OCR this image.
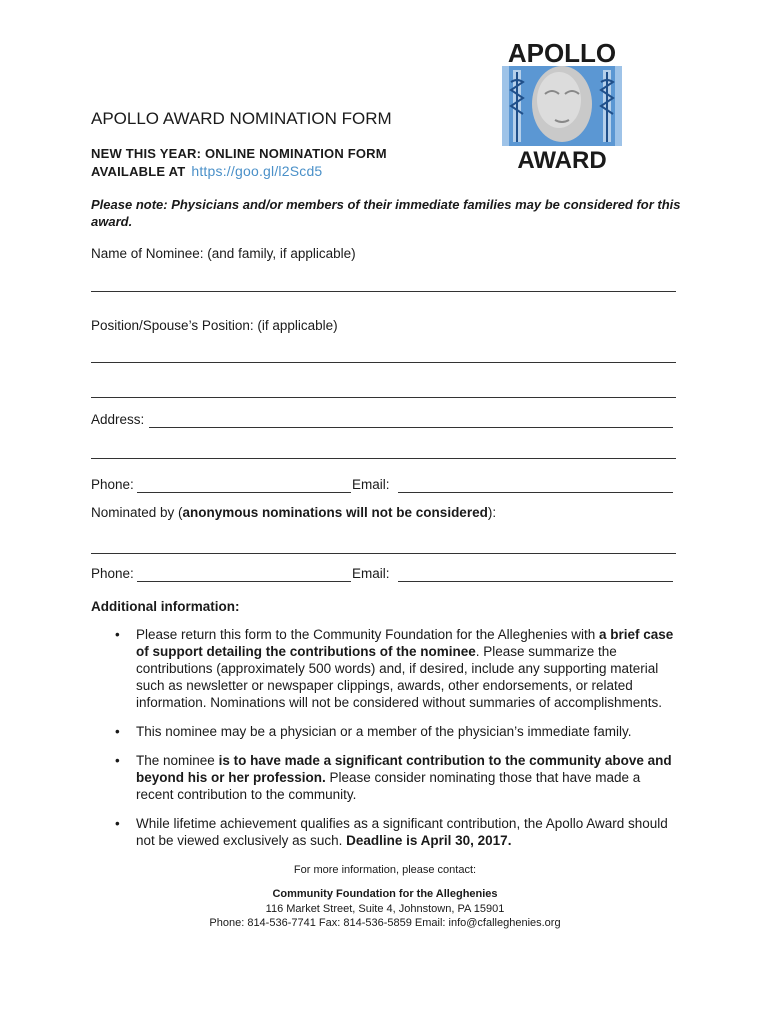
APOLLO
AWARD
APOLLO AWARD NOMINATION FORM
NEW THIS YEAR: ONLINE NOMINATION FORM
AVAILABLE AT https://goo.gl/l2Scd5
Please note: Physicians and/or members of their immediate families may be considered for this award.
Name of Nominee: (and family, if applicable)
Position/Spouse’s Position: (if applicable)
Address:
Phone:	Email:
Nominated by (anonymous nominations will not be considered):
Phone:	Email:
Additional information:
• Please return this form to the Community Foundation for the Alleghenies with a brief case of support detailing the contributions of the nominee. Please summarize the contributions (approximately 500 words) and, if desired, include any supporting material such as newsletter or newspaper clippings, awards, other endorsements, or related information. Nominations will not be considered without summaries of accomplishments.
• This nominee may be a physician or a member of the physician’s immediate family.
• The nominee is to have made a significant contribution to the community above and beyond his or her profession. Please consider nominating those that have made a recent contribution to the community.
• While lifetime achievement qualifies as a significant contribution, the Apollo Award should not be viewed exclusively as such. Deadline is April 30, 2017.
For more information, please contact:
Community Foundation for the Alleghenies
116 Market Street, Suite 4, Johnstown, PA 15901
Phone: 814-536-7741 Fax: 814-536-5859 Email: info@cfalleghenies.org
